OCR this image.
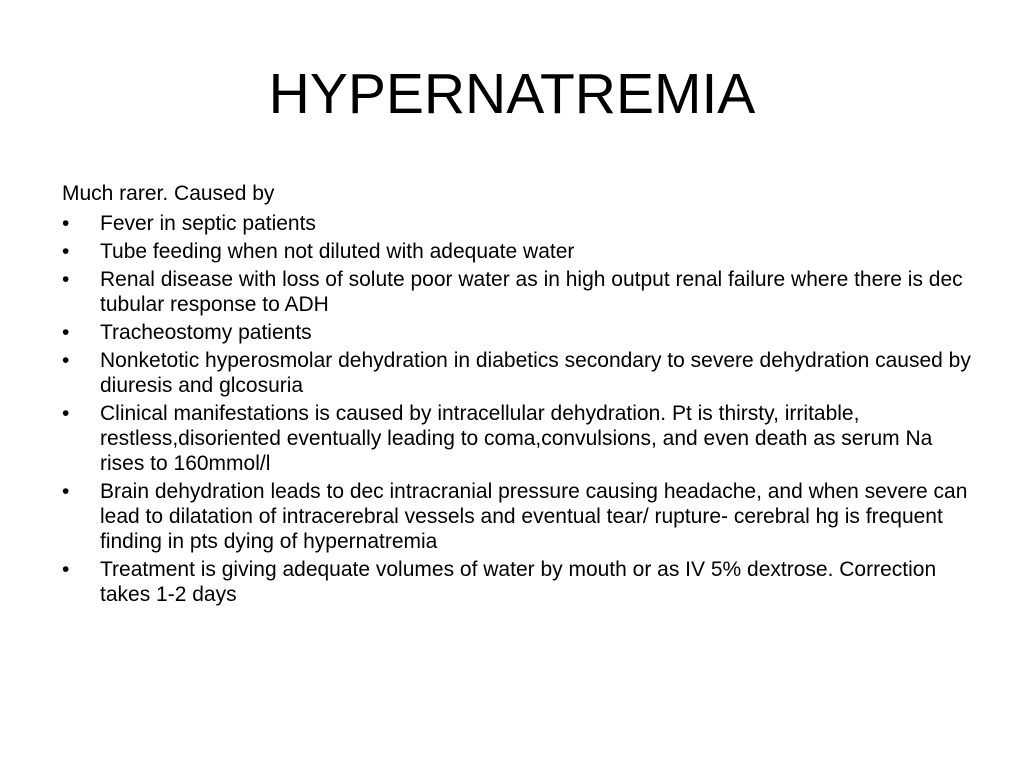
HYPERNATREMIA

Much rarer. Caused by

•	Fever in septic patients
•	Tube feeding when not diluted with adequate water
•	Renal disease with loss of solute poor water as in high output renal failure where there is dec tubular response to ADH
•	Tracheostomy patients
•	Nonketotic hyperosmolar dehydration in diabetics secondary to severe dehydration caused by diuresis and glcosuria
•	Clinical manifestations is caused by intracellular dehydration. Pt is thirsty, irritable, restless,disoriented eventually leading to coma,convulsions, and even death as serum Na rises to 160mmol/l
•	Brain dehydration leads to dec intracranial pressure causing headache, and when severe can lead to dilatation of intracerebral vessels and eventual tear/ rupture- cerebral hg is frequent finding in pts dying of hypernatremia
•	Treatment is giving adequate volumes of water by mouth or as IV 5% dextrose. Correction takes 1-2 days
